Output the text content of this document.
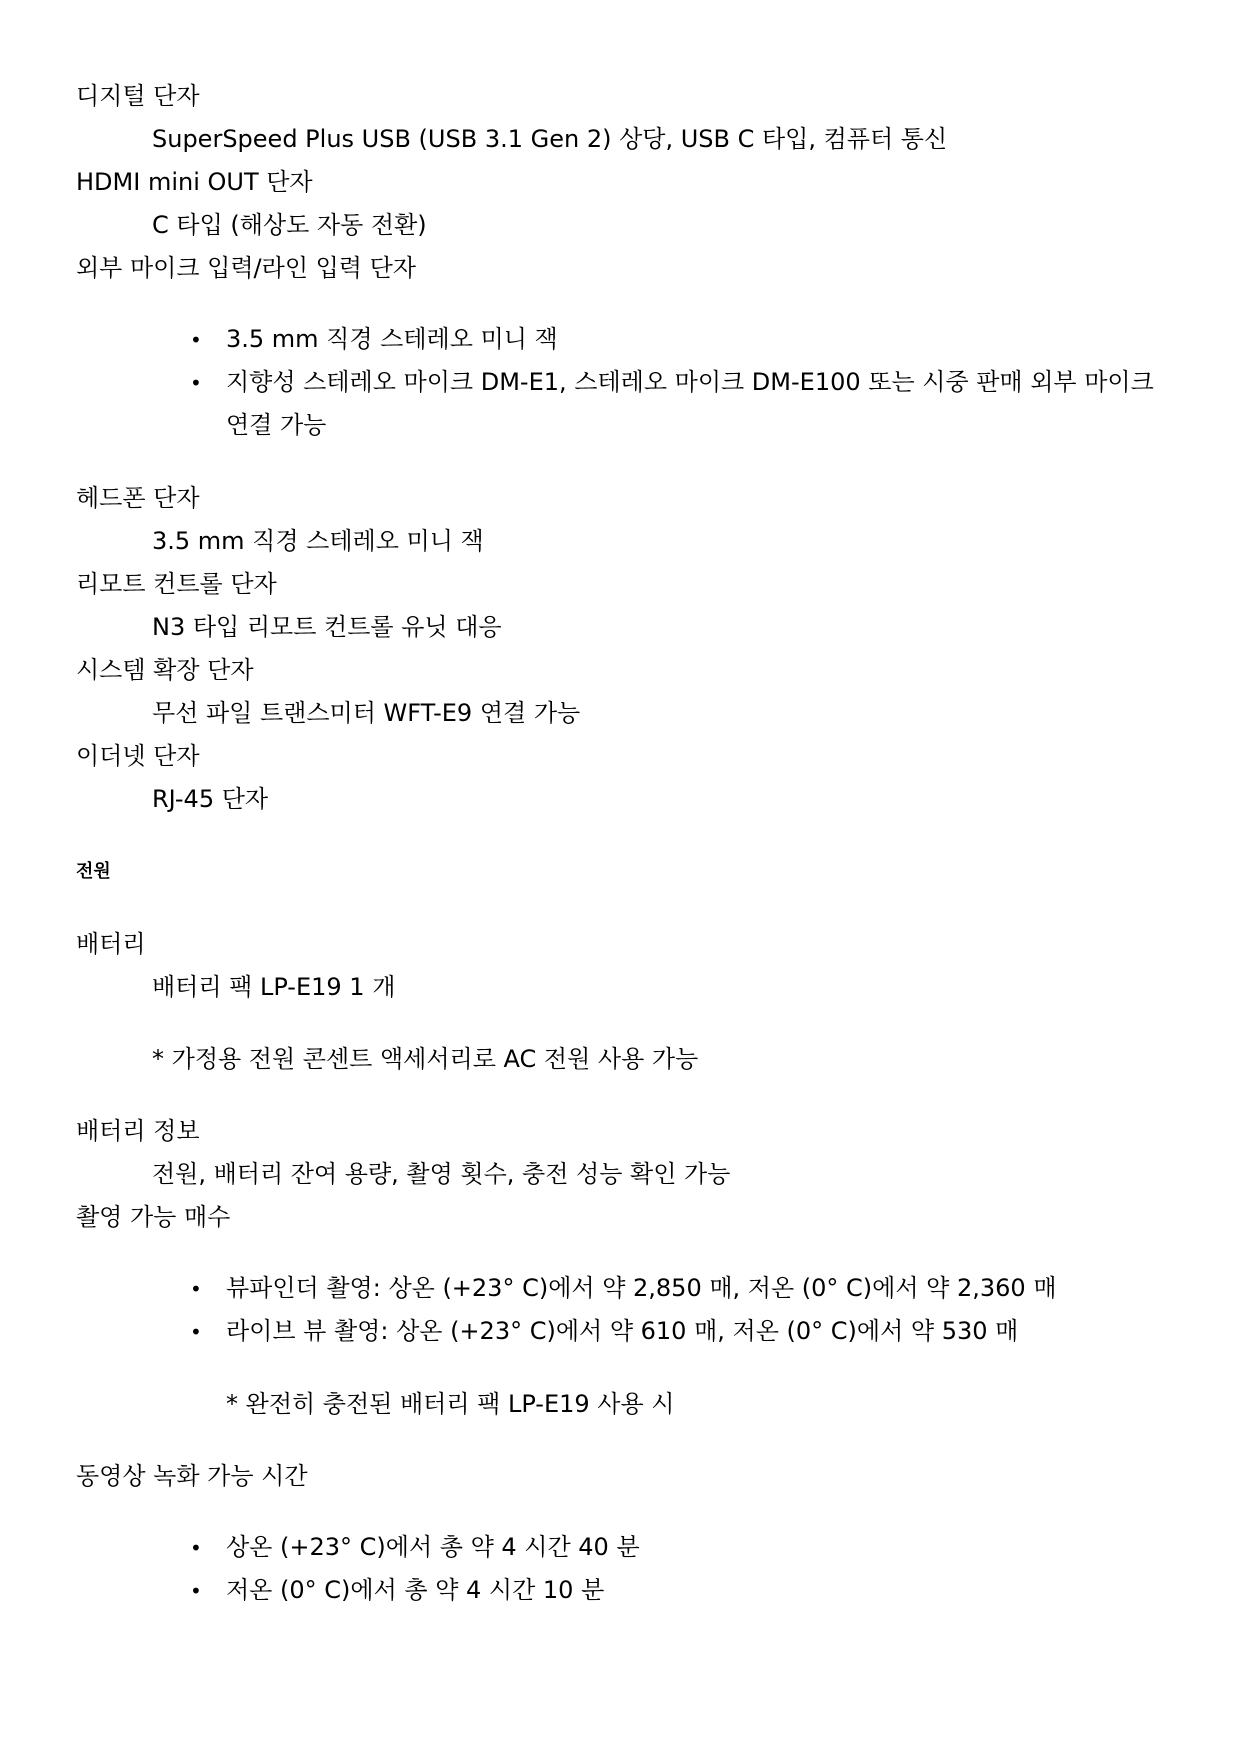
디지털 단자
SuperSpeed Plus USB (USB 3.1 Gen 2) 상당, USB C 타입, 컴퓨터 통신
HDMI mini OUT 단자
C 타입 (해상도 자동 전환)
외부 마이크 입력/라인 입력 단자
• 3.5 mm 직경 스테레오 미니 잭
• 지향성 스테레오 마이크 DM-E1, 스테레오 마이크 DM-E100 또는 시중 판매 외부 마이크 연결 가능
헤드폰 단자
3.5 mm 직경 스테레오 미니 잭
리모트 컨트롤 단자
N3 타입 리모트 컨트롤 유닛 대응
시스템 확장 단자
무선 파일 트랜스미터 WFT-E9 연결 가능
이더넷 단자
RJ-45 단자
전원
배터리
배터리 팩 LP-E19 1 개
* 가정용 전원 콘센트 액세서리로 AC 전원 사용 가능
배터리 정보
전원, 배터리 잔여 용량, 촬영 횟수, 충전 성능 확인 가능
촬영 가능 매수
• 뷰파인더 촬영: 상온 (+23° C)에서 약 2,850 매, 저온 (0° C)에서 약 2,360 매
• 라이브 뷰 촬영: 상온 (+23° C)에서 약 610 매, 저온 (0° C)에서 약 530 매
* 완전히 충전된 배터리 팩 LP-E19 사용 시
동영상 녹화 가능 시간
• 상온 (+23° C)에서 총 약 4 시간 40 분
• 저온 (0° C)에서 총 약 4 시간 10 분
